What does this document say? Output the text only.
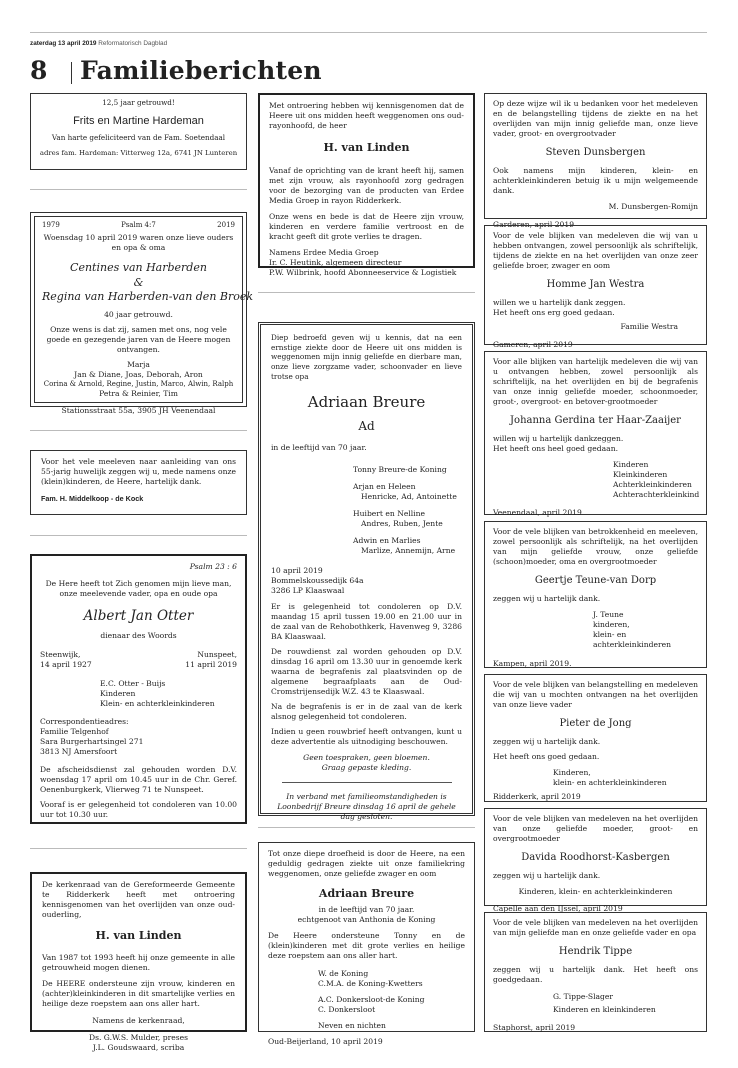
zaterdag 13 april 2019 Reformatorisch Dagblad
8 Familieberichten

12,5 jaar getrouwd!

Frits en Martine Hardeman

Van harte gefeliciteerd van de Fam. Soetendaal

adres fam. Hardeman: Vitterweg 12a, 6741 JN Lunteren

1979	Psalm 4:7	2019

Woensdag 10 april 2019 waren onze lieve ouders en opa & oma

Centines van Harberden

&

Regina van Harberden-van den Broek

40 jaar getrouwd.

Onze wens is dat zij, samen met ons, nog vele goede en gezegende jaren van de Heere mogen ontvangen.

Marja

Jan & Diane, Joas, Deborah, Aron

Corina & Arnold, Regine, Justin, Marco, Alwin, Ralph

Petra & Reinier, Tim

Stationsstraat 55a, 3905 JH Veenendaal

Voor het vele meeleven naar aanleiding van ons 55-jarig huwelijk zeggen wij u, mede namens onze (klein)kinderen, de Heere, hartelijk dank.

Fam. H. Middelkoop - de Kock

Psalm 23 : 6

De Here heeft tot Zich genomen mijn lieve man, onze meelevende vader, opa en oude opa

Albert Jan Otter

dienaar des Woords

Steenwijk,

14 april 1927

Nunspeet,

11 april 2019

E.C. Otter - Buijs

Kinderen

Klein- en achterkleinkinderen

Correspondentieadres:

Familie Telgenhof

Sara Burgerhartsingel 271

3813 NJ Amersfoort

De afscheidsdienst zal gehouden worden D.V. woensdag 17 april om 10.45 uur in de Chr. Geref. Oenenburgkerk, Vlierweg 71 te Nunspeet.

Vooraf is er gelegenheid tot condoleren van 10.00 uur tot 10.30 uur.

De kerkenraad van de Gereformeerde Gemeente te Ridderkerk heeft met ontroering kennisgenomen van het overlijden van onze oud-ouderling,

H. van Linden

Van 1987 tot 1993 heeft hij onze gemeente in alle getrouwheid mogen dienen.

De HEERE ondersteune zijn vrouw, kinderen en (achter)kleinkinderen in dit smartelijke verlies en heilige deze roepstem aan ons aller hart.

Namens de kerkenraad,

Ds. G.W.S. Mulder, preses

J.L. Goudswaard, scriba

Met ontroering hebben wij kennisgenomen dat de Heere uit ons midden heeft weggenomen ons oud-rayonhoofd, de heer

H. van Linden

Vanaf de oprichting van de krant heeft hij, samen met zijn vrouw, als rayonhoofd zorg gedragen voor de bezorging van de producten van Erdee Media Groep in rayon Ridderkerk.

Onze wens en bede is dat de Heere zijn vrouw, kinderen en verdere familie vertroost en de kracht geeft dit grote verlies te dragen.

Namens Erdee Media Groep

Ir. C. Heutink, algemeen directeur

P.W. Wilbrink, hoofd Abonneeservice & Logistiek

Diep bedroefd geven wij u kennis, dat na een ernstige ziekte door de Heere uit ons midden is weggenomen mijn innig geliefde en dierbare man, onze lieve zorgzame vader, schoonvader en lieve trotse opa

Adriaan Breure

Ad

in de leeftijd van 70 jaar.

Tonny Breure-de Koning

Arjan en Heleen

Henricke, Ad, Antoinette

Huibert en Nelline

Andres, Ruben, Jente

Adwin en Marlies

Marlize, Annemijn, Arne

10 april 2019

Bommelskoussedijk 64a

3286 LP Klaaswaal

Er is gelegenheid tot condoleren op D.V. maandag 15 april tussen 19.00 en 21.00 uur in de zaal van de Rehobothkerk, Havenweg 9, 3286 BA Klaaswaal.

De rouwdienst zal worden gehouden op D.V. dinsdag 16 april om 13.30 uur in genoemde kerk waarna de begrafenis zal plaatsvinden op de algemene begraafplaats aan de Oud-Cromstrijensedijk W.Z. 43 te Klaaswaal.

Na de begrafenis is er in de zaal van de kerk alsnog gelegenheid tot condoleren.

Indien u geen rouwbrief heeft ontvangen, kunt u deze advertentie als uitnodiging beschouwen.

Geen toespraken, geen bloemen.

Graag gepaste kleding.

In verband met familieomstandigheden is Loonbedrijf Breure dinsdag 16 april de gehele dag gesloten.

Tot onze diepe droefheid is door de Heere, na een geduldig gedragen ziekte uit onze familiekring weggenomen, onze geliefde zwager en oom

Adriaan Breure

in de leeftijd van 70 jaar.

echtgenoot van Anthonia de Koning

De Heere ondersteune Tonny en de (klein)kinderen met dit grote verlies en heilige deze roepstem aan ons aller hart.

W. de Koning

C.M.A. de Koning-Kwetters

A.C. Donkersloot-de Koning

C. Donkersloot

Neven en nichten

Oud-Beijerland, 10 april 2019

Op deze wijze wil ik u bedanken voor het medeleven en de belangstelling tijdens de ziekte en na het overlijden van mijn innig geliefde man, onze lieve vader, groot- en overgrootvader

Steven Dunsbergen

Ook namens mijn kinderen, klein- en achterkleinkinderen betuig ik u mijn welgemeende dank.

M. Dunsbergen-Romijn

Garderen, april 2019

Voor de vele blijken van medeleven die wij van u hebben ontvangen, zowel persoonlijk als schriftelijk, tijdens de ziekte en na het overlijden van onze zeer geliefde broer, zwager en oom

Homme Jan Westra

willen we u hartelijk dank zeggen.

Het heeft ons erg goed gedaan.

Familie Westra

Gameren, april 2019

Voor alle blijken van hartelijk medeleven die wij van u ontvangen hebben, zowel persoonlijk als schriftelijk, na het overlijden en bij de begrafenis van onze innig geliefde moeder, schoonmoeder, groot-, overgroot- en betover-grootmoeder

Johanna Gerdina ter Haar-Zaaijer

willen wij u hartelijk dankzeggen.

Het heeft ons heel goed gedaan.

Kinderen

Kleinkinderen

Achterkleinkinderen

Achterachterkleinkind

Veenendaal, april 2019

Voor de vele blijken van betrokkenheid en meeleven, zowel persoonlijk als schriftelijk, na het overlijden van mijn geliefde vrouw, onze geliefde (schoon)moeder, oma en overgrootmoeder

Geertje Teune-van Dorp

zeggen wij u hartelijk dank.

J. Teune

kinderen,

klein- en achterkleinkinderen

Kampen, april 2019.

Voor de vele blijken van belangstelling en medeleven die wij van u mochten ontvangen na het overlijden van onze lieve vader

Pieter de Jong

zeggen wij u hartelijk dank.

Het heeft ons goed gedaan.

Kinderen,

klein- en achterkleinkinderen

Ridderkerk, april 2019

Voor de vele blijken van medeleven na het overlijden van onze geliefde moeder, groot- en overgrootmoeder

Davida Roodhorst-Kasbergen

zeggen wij u hartelijk dank.

Kinderen, klein- en achterkleinkinderen

Capelle aan den IJssel, april 2019

Voor de vele blijken van medeleven na het overlijden van mijn geliefde man en onze geliefde vader en opa

Hendrik Tippe

zeggen wij u hartelijk dank. Het heeft ons goedgedaan.

G. Tippe-Slager

Kinderen en kleinkinderen

Staphorst, april 2019
